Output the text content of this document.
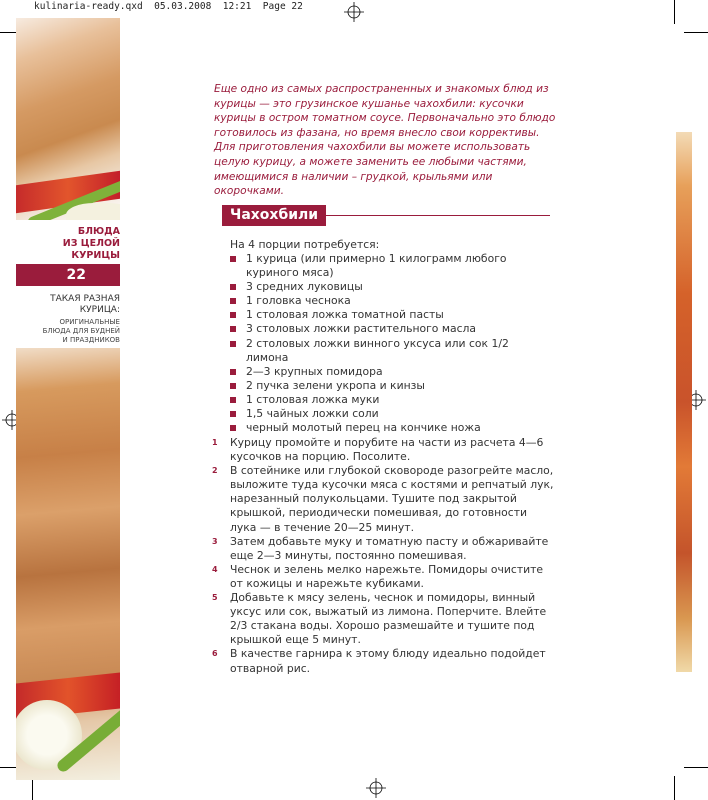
kulinaria-ready.qxd  05.03.2008  12:21  Page 22
БЛЮДА
ИЗ ЦЕЛОЙ
КУРИЦЫ
22
ТАКАЯ РАЗНАЯ
КУРИЦА:
ОРИГИНАЛЬНЫЕ
БЛЮДА ДЛЯ БУДНЕЙ
И ПРАЗДНИКОВ

Еще одно из самых распространенных и знакомых блюд из курицы — это грузинское кушанье чахохбили: кусочки курицы в остром томатном соусе. Первоначально это блюдо готовилось из фазана, но время внесло свои коррективы.

Для приготовления чахохбили вы можете использовать целую курицу, а можете заменить ее любыми частями, имеющимися в наличии – грудкой, крыльями или окорочками.

Чахохбили
На 4 порции потребуется:
1 курица (или примерно 1 килограмм любого куриного мяса)
3 средних луковицы
1 головка чеснока
1 столовая ложка томатной пасты
3 столовых ложки растительного масла
2 столовых ложки винного уксуса или сок 1/2 лимона
2—3 крупных помидора
2 пучка зелени укропа и кинзы
1 столовая ложка муки
1,5 чайных ложки соли
черный молотый перец на кончике ножа
1 Курицу промойте и порубите на части из расчета 4—6 кусочков на порцию. Посолите.
2 В сотейнике или глубокой сковороде разогрейте масло, выложите туда кусочки мяса с костями и репчатый лук, нарезанный полукольцами. Тушите под закрытой крышкой, периодически помешивая, до готовности лука — в течение 20—25 минут.
3 Затем добавьте муку и томатную пасту и обжаривайте еще 2—3 минуты, постоянно помешивая.
4 Чеснок и зелень мелко нарежьте. Помидоры очистите от кожицы и нарежьте кубиками.
5 Добавьте к мясу зелень, чеснок и помидоры, винный уксус или сок, выжатый из лимона. Поперчите. Влейте 2/3 стакана воды. Хорошо размешайте и тушите под крышкой еще 5 минут.
6 В качестве гарнира к этому блюду идеально подойдет отварной рис.
